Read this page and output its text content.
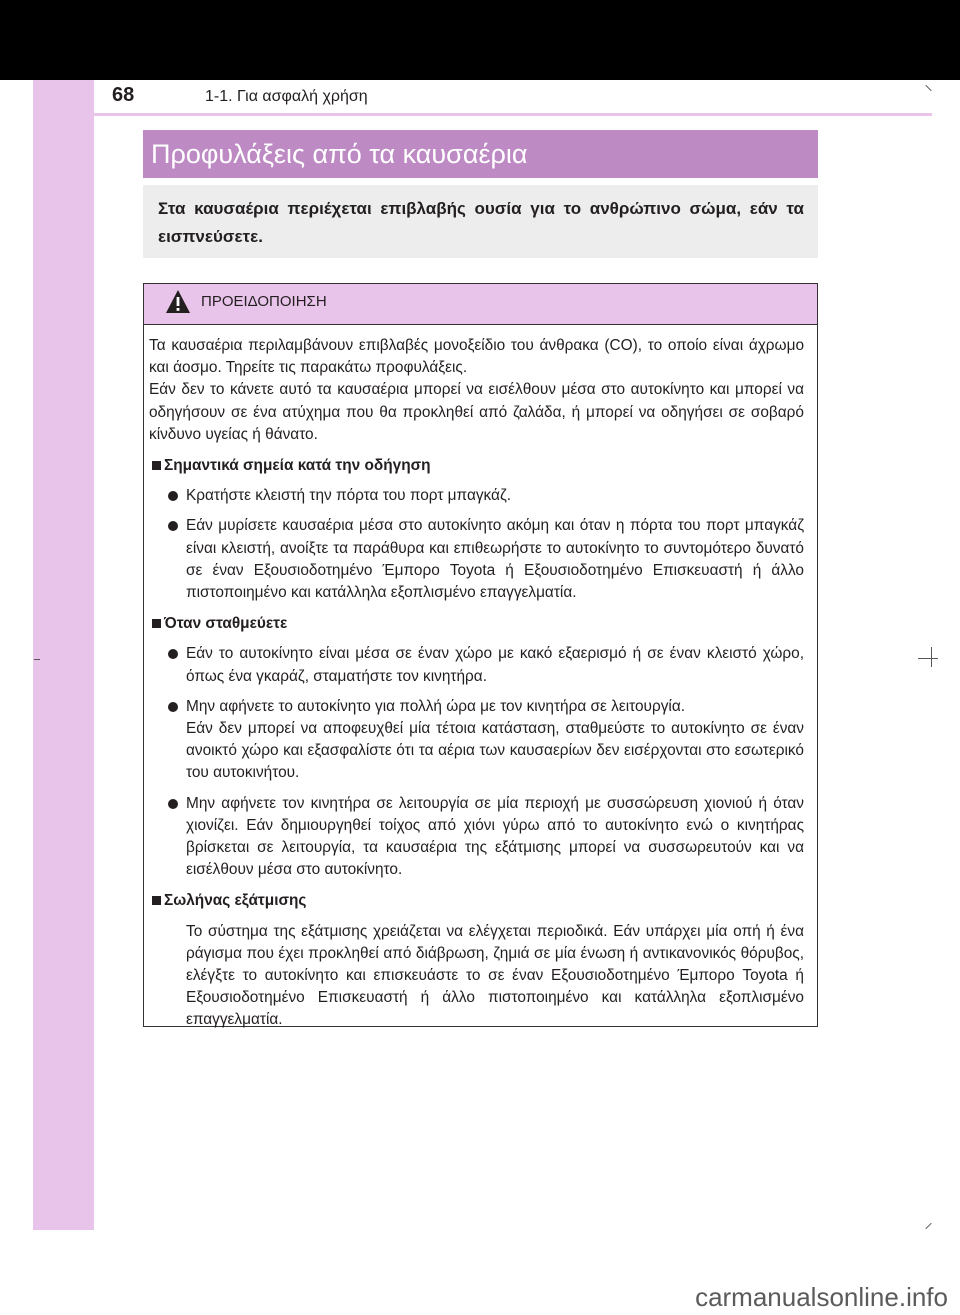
68	1-1. Για ασφαλή χρήση
Προφυλάξεις από τα καυσαέρια
Στα καυσαέρια περιέχεται επιβλαβής ουσία για το ανθρώπινο σώμα, εάν τα εισπνεύσετε.
ΠΡΟΕΙΔΟΠΟΙΗΣΗ

Τα καυσαέρια περιλαμβάνουν επιβλαβές μονοξείδιο του άνθρακα (CO), το οποίο είναι άχρωμο και άοσμο. Τηρείτε τις παρακάτω προφυλάξεις.

Εάν δεν το κάνετε αυτό τα καυσαέρια μπορεί να εισέλθουν μέσα στο αυτοκίνητο και μπορεί να οδηγήσουν σε ένα ατύχημα που θα προκληθεί από ζαλάδα, ή μπορεί να οδηγήσει σε σοβαρό κίνδυνο υγείας ή θάνατο.

Σημαντικά σημεία κατά την οδήγηση
Κρατήστε κλειστή την πόρτα του πορτ μπαγκάζ.
Εάν μυρίσετε καυσαέρια μέσα στο αυτοκίνητο ακόμη και όταν η πόρτα του πορτ μπαγκάζ είναι κλειστή, ανοίξτε τα παράθυρα και επιθεωρήστε το αυτοκίνητο το συντομότερο δυνατό σε έναν Εξουσιοδοτημένο Έμπορο Toyota ή Εξουσιοδοτημένο Επισκευαστή ή άλλο πιστοποιημένο και κατάλληλα εξοπλισμένο επαγγελματία.
Όταν σταθμεύετε
Εάν το αυτοκίνητο είναι μέσα σε έναν χώρο με κακό εξαερισμό ή σε έναν κλειστό χώρο, όπως ένα γκαράζ, σταματήστε τον κινητήρα.
Μην αφήνετε το αυτοκίνητο για πολλή ώρα με τον κινητήρα σε λειτουργία.
Εάν δεν μπορεί να αποφευχθεί μία τέτοια κατάσταση, σταθμεύστε το αυτοκίνητο σε έναν ανοικτό χώρο και εξασφαλίστε ότι τα αέρια των καυσαερίων δεν εισέρχονται στο εσωτερικό του αυτοκινήτου.
Μην αφήνετε τον κινητήρα σε λειτουργία σε μία περιοχή με συσσώρευση χιονιού ή όταν χιονίζει. Εάν δημιουργηθεί τοίχος από χιόνι γύρω από το αυτοκίνητο ενώ ο κινητήρας βρίσκεται σε λειτουργία, τα καυσαέρια της εξάτμισης μπορεί να συσσωρευτούν και να εισέλθουν μέσα στο αυτοκίνητο.
Σωλήνας εξάτμισης
Το σύστημα της εξάτμισης χρειάζεται να ελέγχεται περιοδικά. Εάν υπάρχει μία οπή ή ένα ράγισμα που έχει προκληθεί από διάβρωση, ζημιά σε μία ένωση ή αντικανονικός θόρυβος, ελέγξτε το αυτοκίνητο και επισκευάστε το σε έναν Εξουσιοδοτημένο Έμπορο Toyota ή Εξουσιοδοτημένο Επισκευαστή ή άλλο πιστοποιημένο και κατάλληλα εξοπλισμένο επαγγελματία.
carmanualsonline.info
